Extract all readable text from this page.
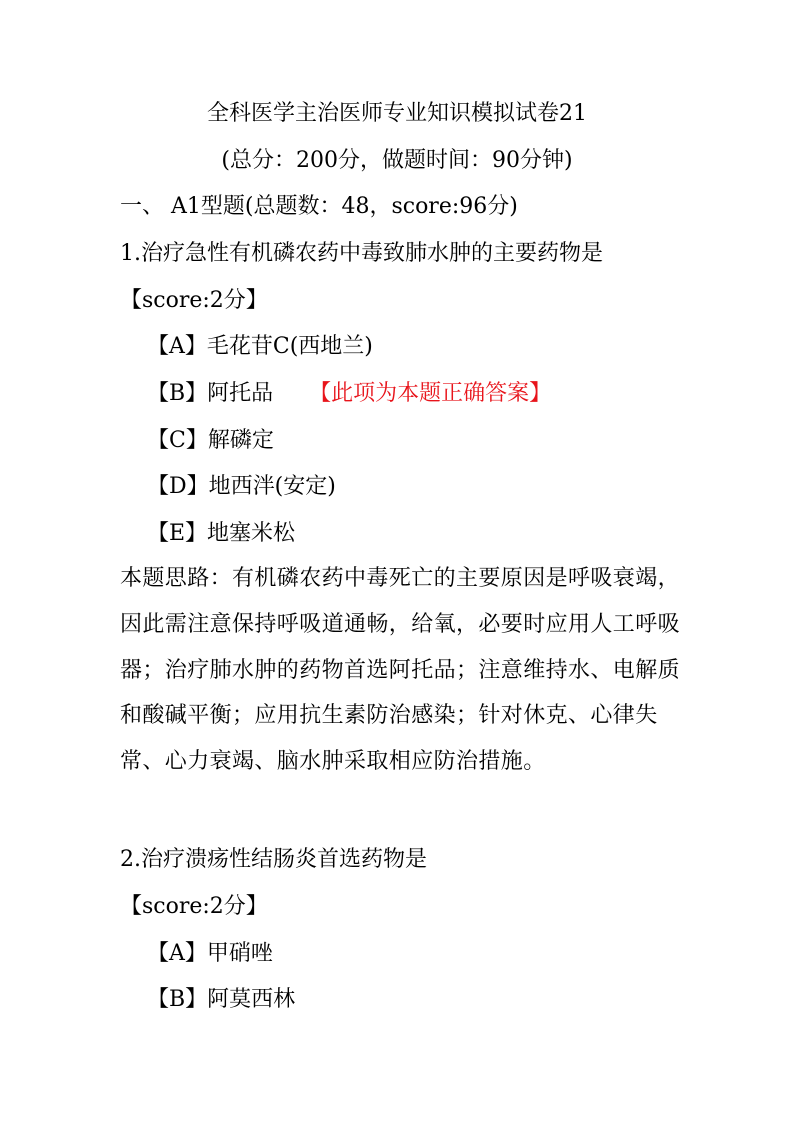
全科医学主治医师专业知识模拟试卷21
(总分：200分，做题时间：90分钟)
一、 A1型题(总题数：48，score:96分)
1.治疗急性有机磷农药中毒致肺水肿的主要药物是
【score:2分】
【A】毛花苷C(西地兰)
【B】阿托品 【此项为本题正确答案】
【C】解磷定
【D】地西泮(安定)
【E】地塞米松
本题思路：有机磷农药中毒死亡的主要原因是呼吸衰竭，因此需注意保持呼吸道通畅，给氧，必要时应用人工呼吸器；治疗肺水肿的药物首选阿托品；注意维持水、电解质和酸碱平衡；应用抗生素防治感染；针对休克、心律失常、心力衰竭、脑水肿采取相应防治措施。
2.治疗溃疡性结肠炎首选药物是
【score:2分】
【A】甲硝唑
【B】阿莫西林
